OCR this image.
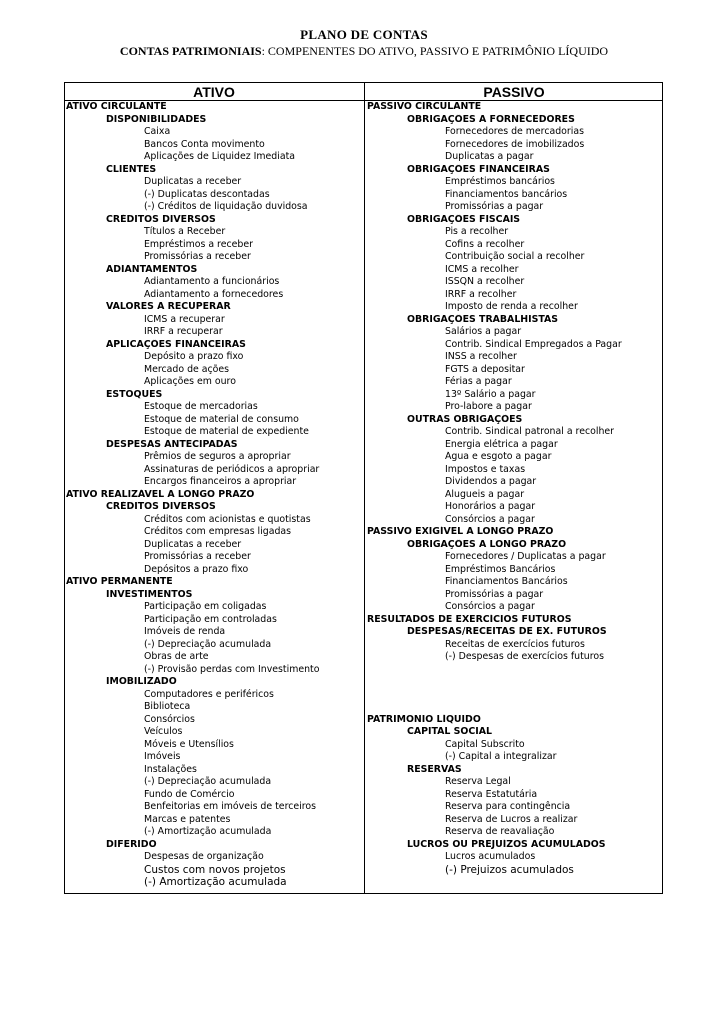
PLANO DE CONTAS
CONTAS PATRIMONIAIS: COMPENENTES DO ATIVO, PASSIVO E PATRIMÔNIO LÍQUIDO
ATIVO	PASSIVO
ATIVO CIRCULANTE
DISPONIBILIDADES
Caixa
Bancos Conta movimento
Aplicações de Liquidez Imediata
CLIENTES
Duplicatas a receber
(-) Duplicatas descontadas
(-) Créditos de liquidação duvidosa
CRÉDITOS DIVERSOS
Títulos a Receber
Empréstimos a receber
Promissórias a receber
ADIANTAMENTOS
Adiantamento a funcionários
Adiantamento a fornecedores
VALORES A RECUPERAR
ICMS a recuperar
IRRF a recuperar
APLICAÇÕES FINANCEIRAS
Depósito a prazo fixo
Mercado de ações
Aplicações em ouro
ESTOQUES
Estoque de mercadorias
Estoque de material de consumo
Estoque de material de expediente
DESPESAS ANTECIPADAS
Prêmios de seguros a apropriar
Assinaturas de periódicos a apropriar
Encargos financeiros a apropriar
ATIVO REALIZÁVEL A LONGO PRAZO
CRÉDITOS DIVERSOS
Créditos com acionistas e quotistas
Créditos com empresas ligadas
Duplicatas a receber
Promissórias a receber
Depósitos a prazo fixo
ATIVO PERMANENTE
INVESTIMENTOS
Participação em coligadas
Participação em controladas
Imóveis de renda
(-) Depreciação acumulada
Obras de arte
(-) Provisão perdas com Investimento
IMOBILIZADO
Computadores e periféricos
Biblioteca
Consórcios
Veículos
Móveis e Utensílios
Imóveis
Instalações
(-) Depreciação acumulada
Fundo de Comércio
Benfeitorias em imóveis de terceiros
Marcas e patentes
(-) Amortização acumulada
DIFERIDO
Despesas de organização
Custos com novos projetos
(-) Amortização acumulada
PASSIVO CIRCULANTE
OBRIGAÇÕES A FORNECEDORES
Fornecedores de mercadorias
Fornecedores de imobilizados
Duplicatas a pagar
OBRIGAÇÕES FINANCEIRAS
Empréstimos bancários
Financiamentos bancários
Promissórias a pagar
OBRIGAÇÕES FISCAIS
Pis a recolher
Cofins a recolher
Contribuição social a recolher
ICMS a recolher
ISSQN a recolher
IRRF a recolher
Imposto de renda a recolher
OBRIGAÇÕES TRABALHISTAS
Salários a pagar
Contrib. Sindical Empregados a Pagar
INSS a recolher
FGTS a depositar
Férias a pagar
13º Salário a pagar
Pro-labore a pagar
OUTRAS OBRIGAÇÕES
Contrib. Sindical patronal a recolher
Energia elétrica a pagar
Água e esgoto a pagar
Impostos e taxas
Dividendos a pagar
Alugueis a pagar
Honorários a pagar
Consórcios a pagar
PASSIVO EXIGÍVEL A LONGO PRAZO
OBRIGAÇÕES A LONGO PRAZO
Fornecedores / Duplicatas a pagar
Empréstimos Bancários
Financiamentos Bancários
Promissórias a pagar
Consórcios a pagar
RESULTADOS DE EXERCÍCIOS FUTUROS
DESPESAS/RECEITAS DE EX. FUTUROS
Receitas de exercícios futuros
(-) Despesas de exercícios futuros
PATRIMÔNIO LÍQUIDO
CAPITAL SOCIAL
Capital Subscrito
(-) Capital a integralizar
RESERVAS
Reserva Legal
Reserva Estatutária
Reserva para contingência
Reserva de Lucros a realizar
Reserva de reavaliação
LUCROS OU PREJUÍZOS ACUMULADOS
Lucros acumulados
(-) Prejuizos acumulados
